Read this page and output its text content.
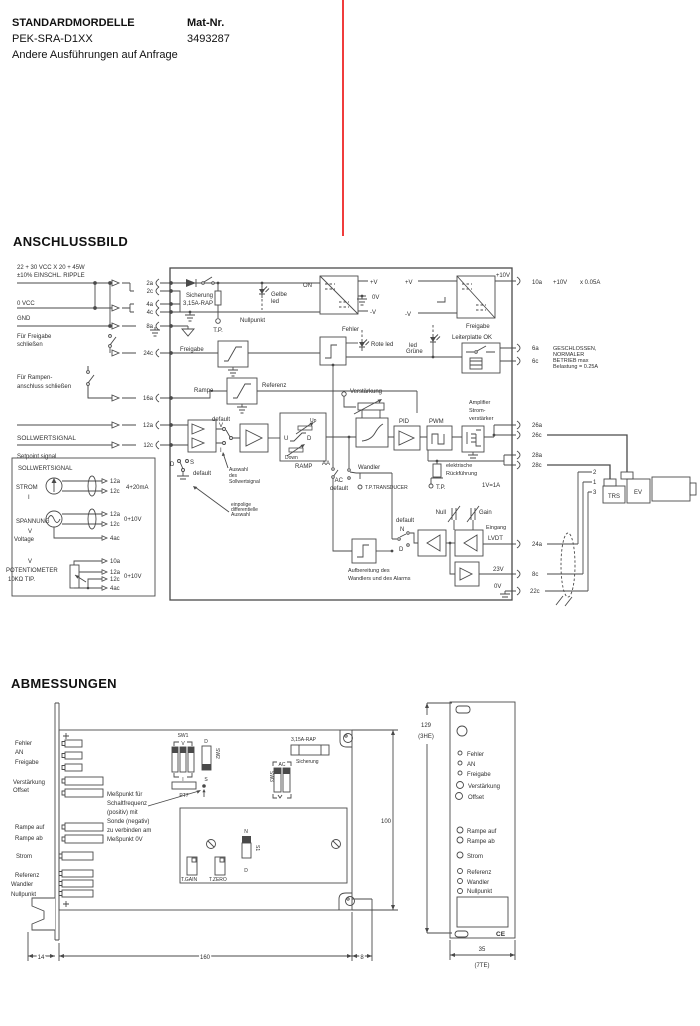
STANDARDMORDELLE	Mat-Nr.
PEK-SRA-D1XX	3493287
Andere Ausführungen auf Anfrage
ANSCHLUSSBILD
22 + 30 VCC X 20 + 45W
±10% EINSCHL. RIPPLE
0 VCC
GND
Für Freigabe
schließen
Für Rampen-
anschluss schließen
SOLLWERTSIGNAL
Setpoint signal
2a
2c
4a
4c
8a
24c
16a
12a
12c
SOLLWERTSIGNAL
STROM
I
12a
12c
4+20mA
SPANNUNG
V
Voltage
12a
0+10V
12c
4ac
V
POTENTIOMETER
10KΩ TIP.
10a
12a
12c 0+10V
4ac
Sicherung
3,15A-RAP
T.P.
Gelbe
led
Nullpunkt
ON	+V
0V
-V
+V
-V
+10V
Fehler
Rote led	led
Grüne
Freigabe
Leiterplatte OK
Freigabe
Rampe
Referenz
default
V
I
D	S
default
Auswahl
des
Sollwertsignal
einpolige
differentielle
Auswahl
Up
U	D
Down
RAMP AA
Verstärkung
PID	PWM
Amplifier
Strom-
verstärker
T.P.
elektrische
Rückführung
1V=1A
AC
default	T.P.TRANSDUCER
Wandler
default
N
D
Null	Gain
Eingang
LVDT
Aufbereitung des
Wandlers und des Alarms
23V
0V
10a +10V x 0.05A
6a
6c
GESCHLOSSEN,
NORMALER
BETRIEB max
Belastung = 0.25A
26a
26c
28a
28c
24a
8c
22c
TRS
EV
2
1
3
ABMESSUNGEN
Fehler
AN
Freigabe
Verstärkung
Offset
Rampe auf
Rampe ab
Strom
Referenz
Wandler
Nullpunkt
Meßpunkt für
Schaltfrequenz
(positiv) mit
Sonde (negativ)
zu verbinden am
Meßpunkt 0V
SW1
V
I
D
SW2
S
PT7
3,15A-RAP
Sicherung
AC
SW3
N
S1
D
T.GAIN T.ZERO
14	160	8
100
129
(3HE)
35
(7TE)
Fehler
AN
Freigabe
Verstärkung
Offset
Rampe auf
Rampe ab
Strom
Referenz
Wandler
Nullpunkt
CE
